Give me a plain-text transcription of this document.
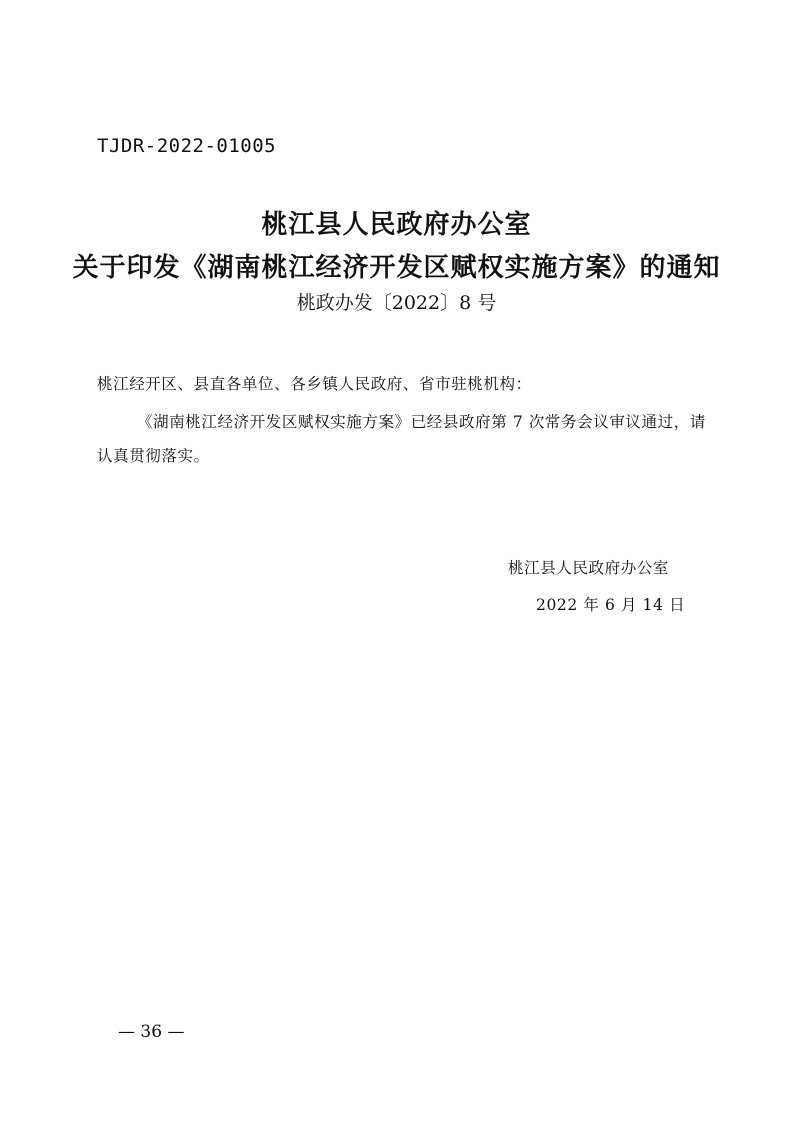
TJDR-2022-01005
桃江县人民政府办公室
关于印发《湖南桃江经济开发区赋权实施方案》的通知
桃政办发〔2022〕8 号
桃江经开区、县直各单位、各乡镇人民政府、省市驻桃机构：
《湖南桃江经济开发区赋权实施方案》已经县政府第 7 次常务会议审议通过，请
认真贯彻落实。
桃江县人民政府办公室
2022 年 6 月 14 日
— 36 —
